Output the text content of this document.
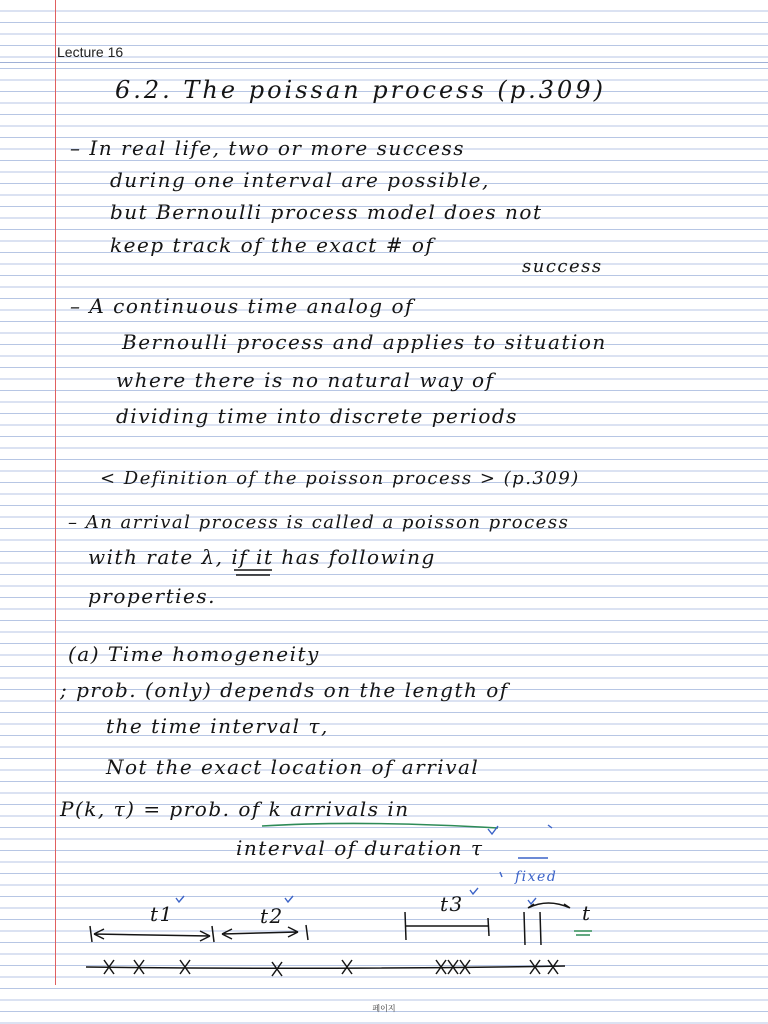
Lecture 16
6.2. The poissan process (p.309)
– In real life, two or more success
during one interval are possible,
but Bernoulli process model does not
keep track of the exact # of
success
– A continuous time analog of
Bernoulli process and applies to situation
where there is no natural way of
dividing time into discrete periods
< Definition of the poisson process > (p.309)
– An arrival process is called a poisson process
with rate λ, if it has following
properties.
(a) Time homogeneity
; prob. (only) depends on the length of
the time interval τ,
Not the exact location of arrival
P(k, τ) = prob. of k arrivals in
interval of duration τ
fixed
t1	t2	t3	t
페이지
